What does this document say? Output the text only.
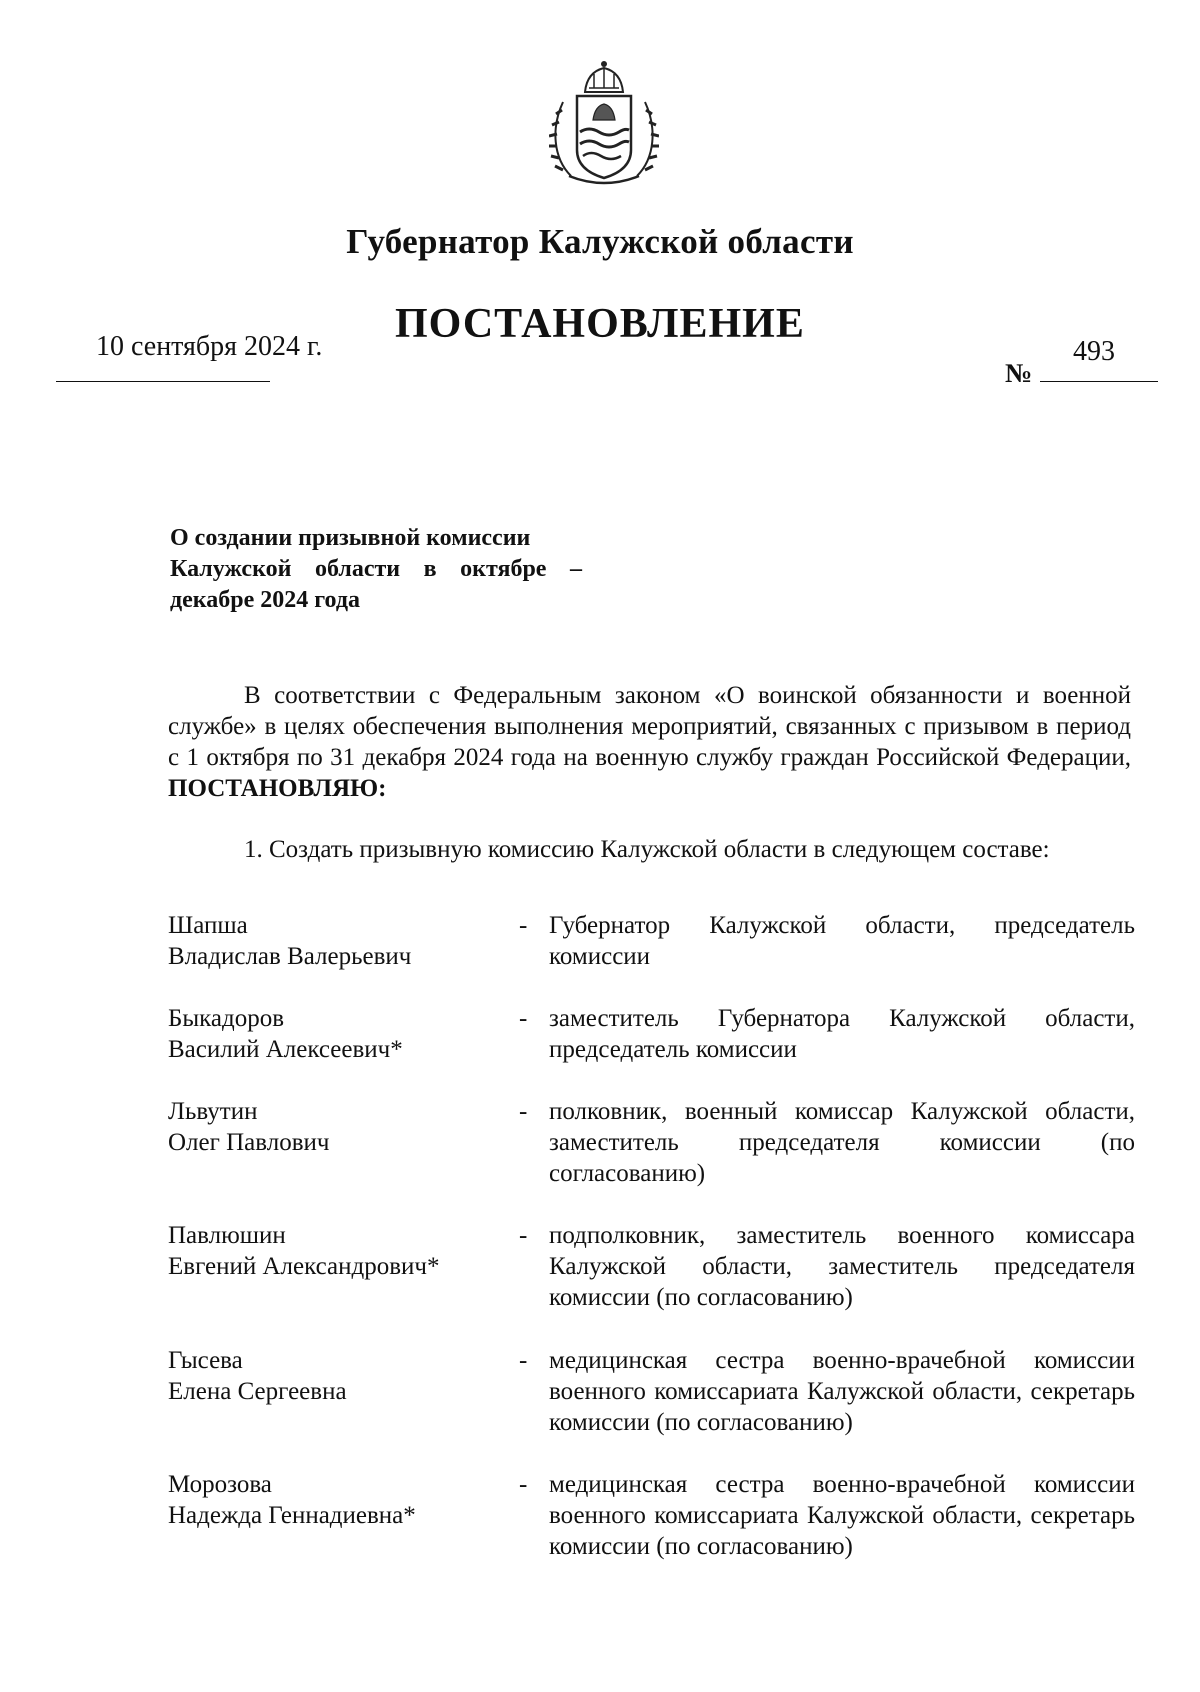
Губернатор Калужской области
ПОСТАНОВЛЕНИЕ
10 сентября 2024 г.
№
493
О создании призывной комиссии
Калужской области в октябре –
декабре 2024 года
В соответствии с Федеральным законом «О воинской обязанности и военной службе» в целях обеспечения выполнения мероприятий, связанных с призывом в период с 1 октября по 31 декабря 2024 года на военную службу граждан Российской Федерации, ПОСТАНОВЛЯЮ:
1. Создать призывную комиссию Калужской области в следующем составе:
Шапша
Владислав Валерьевич
- Губернатор Калужской области, председатель комиссии
Быкадоров
Василий Алексеевич*
- заместитель Губернатора Калужской области, председатель комиссии
Львутин
Олег Павлович
- полковник, военный комиссар Калужской области, заместитель председателя комиссии (по согласованию)
Павлюшин
Евгений Александрович*
- подполковник, заместитель военного комиссара Калужской области, заместитель председателя комиссии (по согласованию)
Гысева
Елена Сергеевна
- медицинская сестра военно-врачебной комиссии военного комиссариата Калужской области, секретарь комиссии (по согласованию)
Морозова
Надежда Геннадиевна*
- медицинская сестра военно-врачебной комиссии военного комиссариата Калужской области, секретарь комиссии (по согласованию)
